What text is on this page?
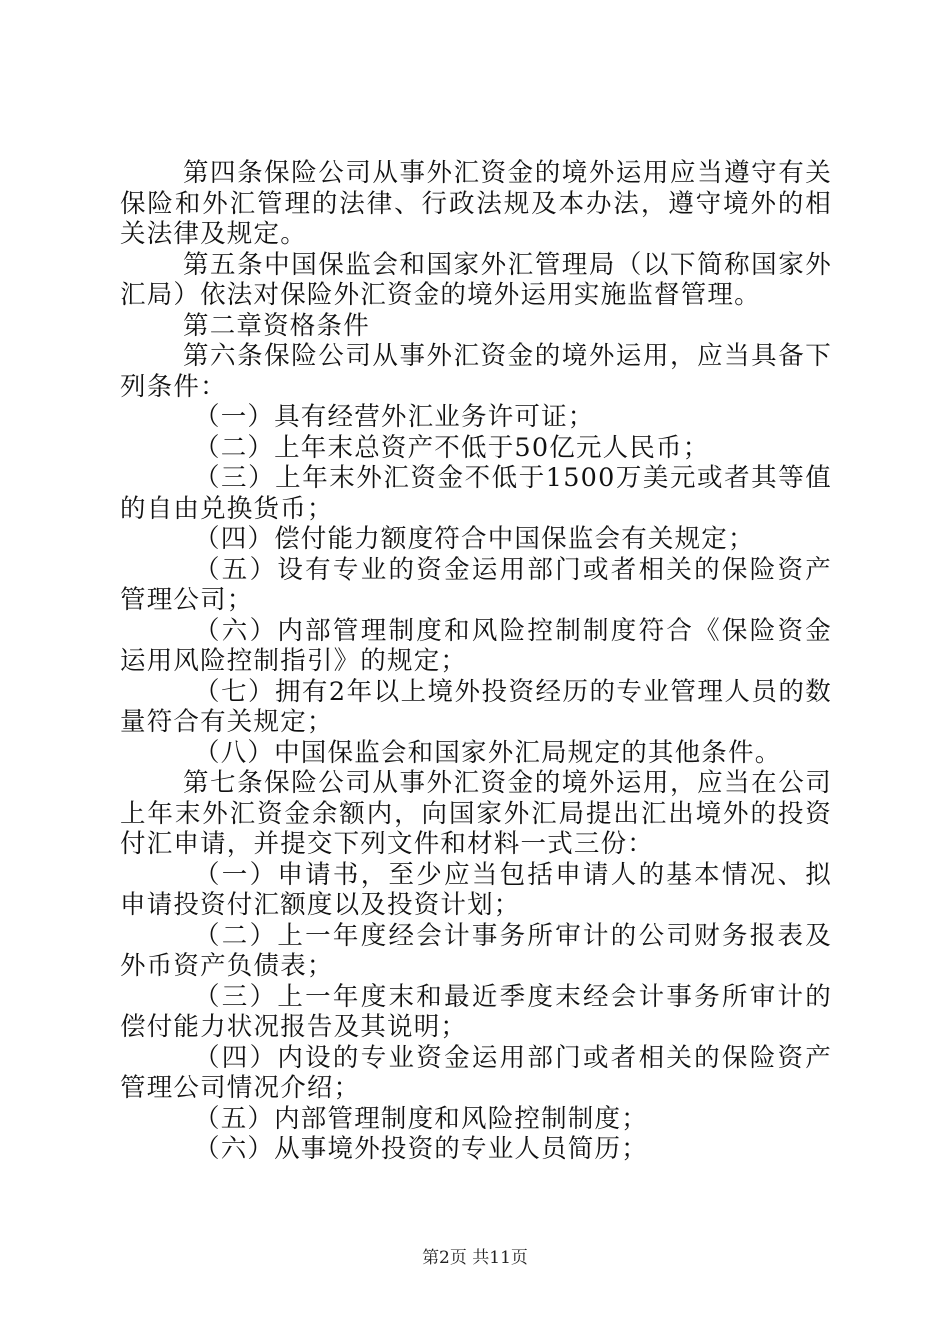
第四条保险公司从事外汇资金的境外运用应当遵守有关保险和外汇管理的法律、行政法规及本办法，遵守境外的相关法律及规定。

第五条中国保监会和国家外汇管理局（以下简称国家外汇局）依法对保险外汇资金的境外运用实施监督管理。

第二章资格条件

第六条保险公司从事外汇资金的境外运用，应当具备下列条件：

（一）具有经营外汇业务许可证；

（二）上年末总资产不低于50亿元人民币；

（三）上年末外汇资金不低于1500万美元或者其等值的自由兑换货币；

（四）偿付能力额度符合中国保监会有关规定；

（五）设有专业的资金运用部门或者相关的保险资产管理公司；

（六）内部管理制度和风险控制制度符合《保险资金运用风险控制指引》的规定；

（七）拥有2年以上境外投资经历的专业管理人员的数量符合有关规定；

（八）中国保监会和国家外汇局规定的其他条件。

第七条保险公司从事外汇资金的境外运用，应当在公司上年末外汇资金余额内，向国家外汇局提出汇出境外的投资付汇申请，并提交下列文件和材料一式三份：

（一）申请书，至少应当包括申请人的基本情况、拟申请投资付汇额度以及投资计划；

（二）上一年度经会计事务所审计的公司财务报表及外币资产负债表；

（三）上一年度末和最近季度末经会计事务所审计的偿付能力状况报告及其说明；

（四）内设的专业资金运用部门或者相关的保险资产管理公司情况介绍；

（五）内部管理制度和风险控制制度；

（六）从事境外投资的专业人员简历；

第2页 共11页
